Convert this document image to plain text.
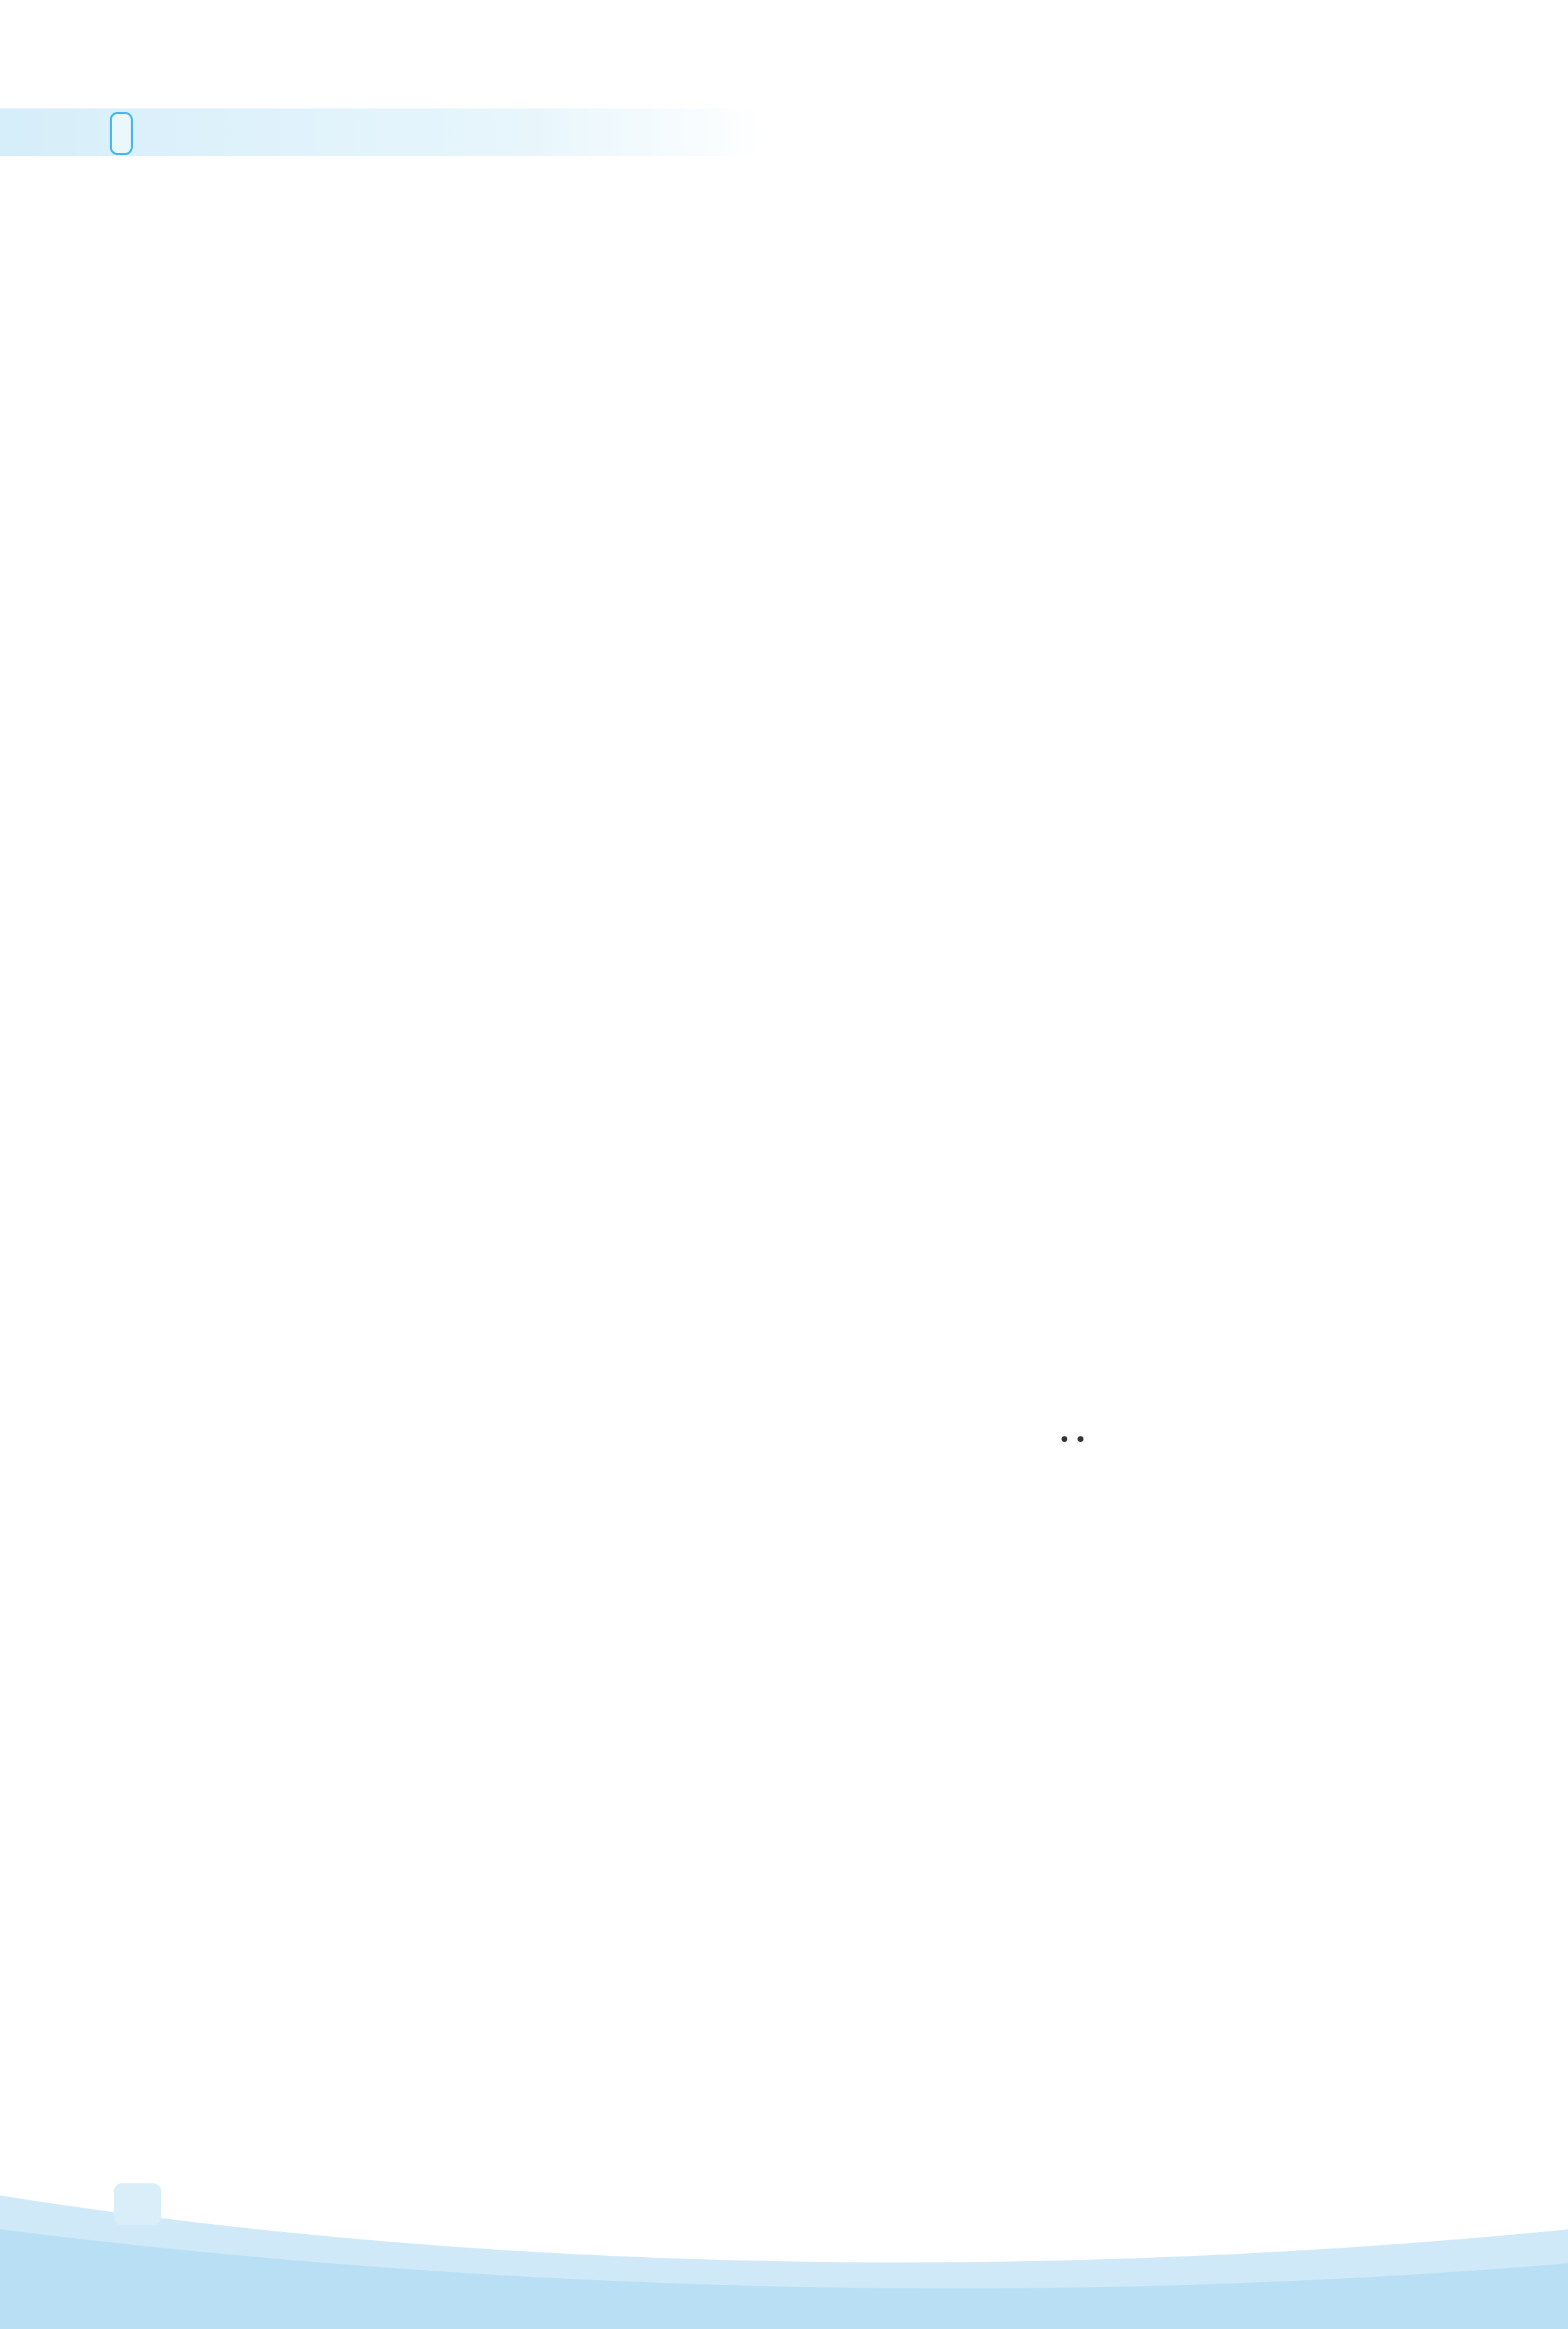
••
